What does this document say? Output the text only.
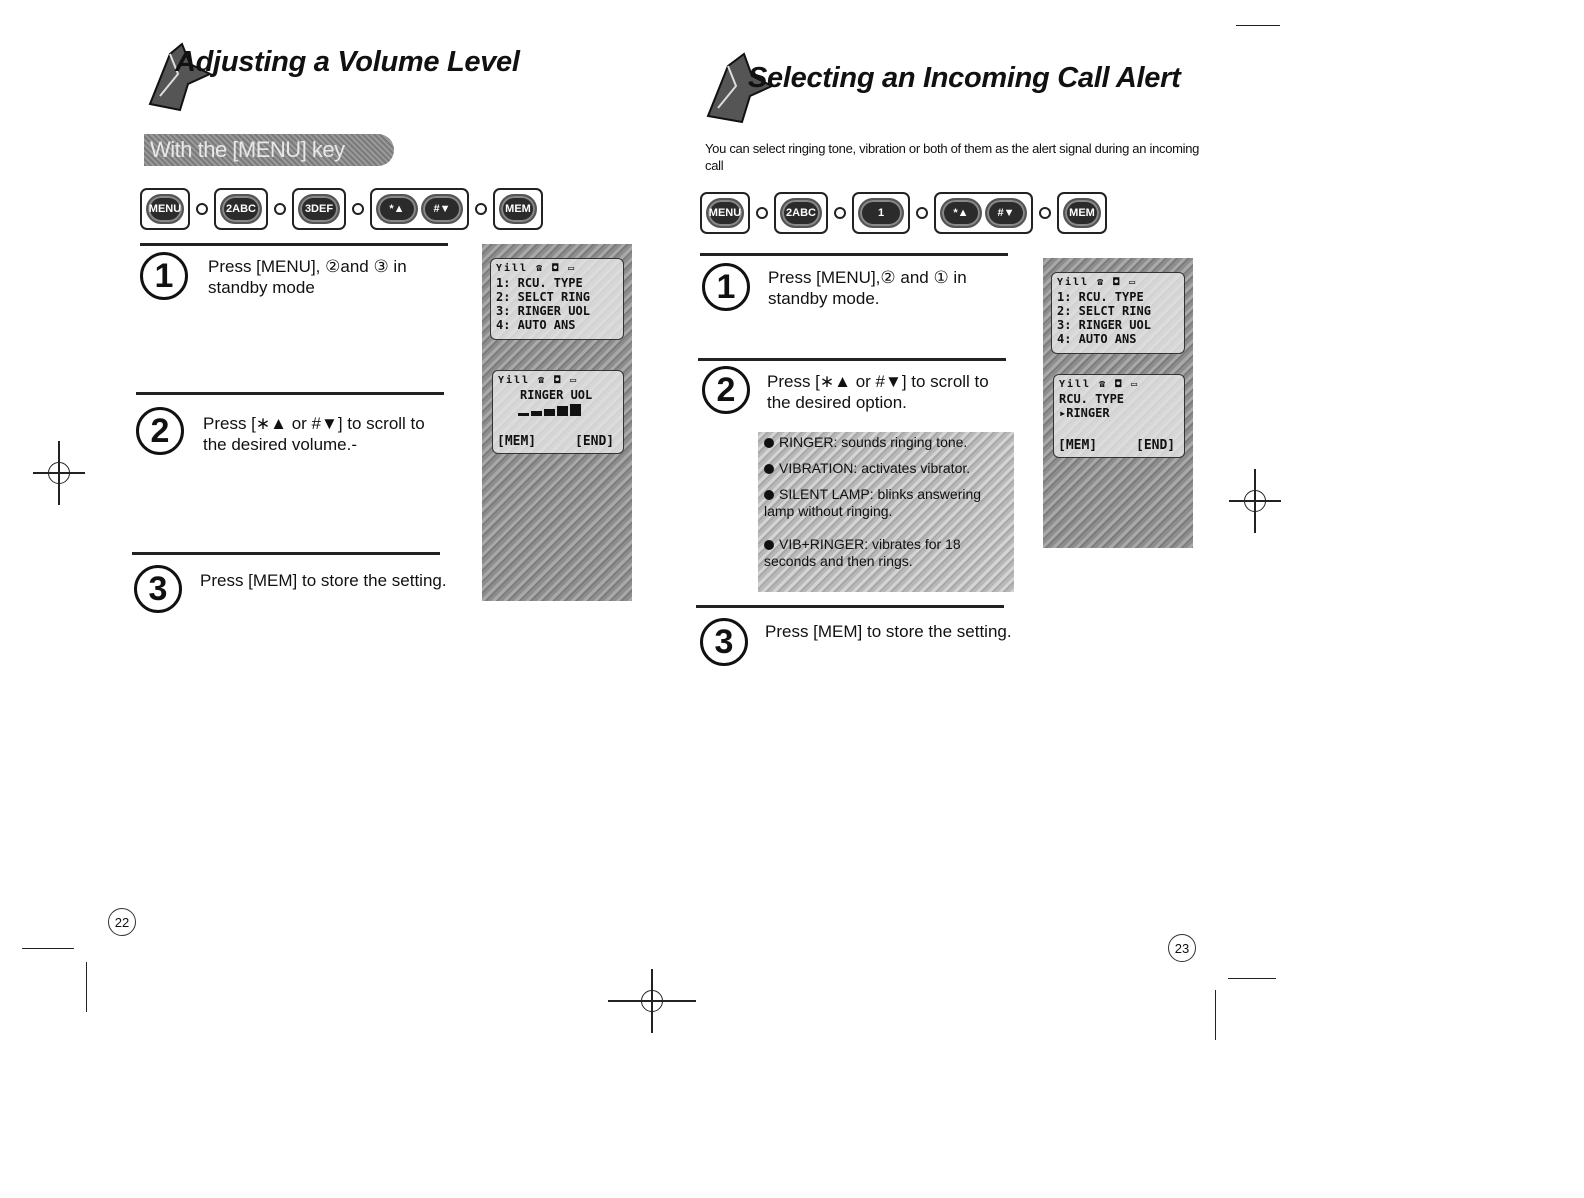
Adjusting a Volume Level
With the [MENU] key
MENU	2ABC	3DEF	*▲	#▼	MEM
1	Press [MENU], ②and ③ in standby mode
2	Press [∗▲ or #▼] to scroll to the desired volume.-
3	Press [MEM] to store the setting.
Yill ☎ ◘ ▭
1: RCU. TYPE
2: SELCT RING
3: RINGER UOL
4: AUTO ANS
Yill ☎ ◘ ▭
RINGER UOL
[MEM]	[END]
22
Selecting an Incoming Call Alert
You can select ringing tone, vibration or both of them as the alert signal during an incoming call
MENU	2ABC	1	*▲	#▼	MEM
1	Press [MENU],② and ① in standby mode.
2	Press [∗▲ or #▼] to scroll to the desired option.
RINGER: sounds ringing tone.
VIBRATION: activates vibrator.
SILENT LAMP: blinks answering lamp without ringing.
VIB+RINGER: vibrates for 18 seconds and then rings.
3	Press [MEM] to store the setting.
Yill ☎ ◘ ▭
1: RCU. TYPE
2: SELCT RING
3: RINGER UOL
4: AUTO ANS
Yill ☎ ◘ ▭
RCU. TYPE
▸RINGER
[MEM]	[END]
23
